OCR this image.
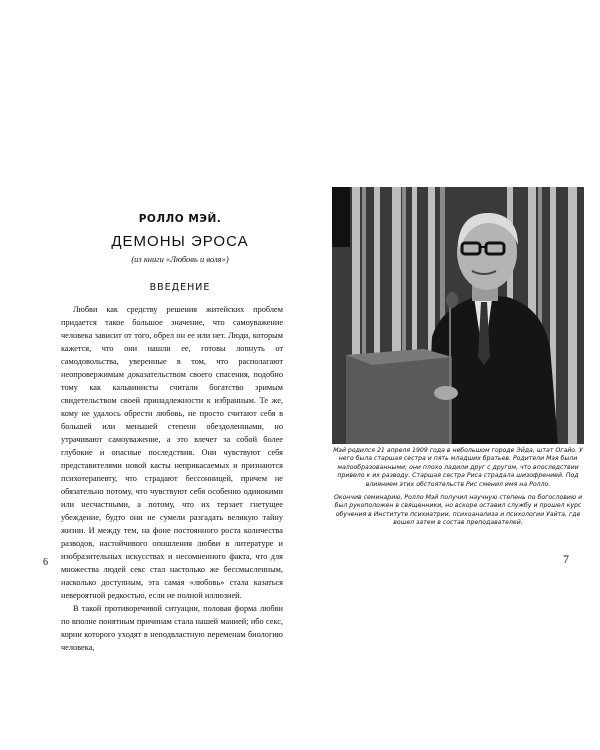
РОЛЛО МЭЙ.
ДЕМОНЫ ЭРОСА
(из книги «Любовь и воля»)
ВВЕДЕНИЕ

Любви как средству решения житейских проблем придается такое большое значение, что самоуважение человека зависит от того, обрел он ее или нет. Люди, которым кажется, что они нашли ее, готовы лопнуть от самодовольства, уверенные в том, что располагают неопровержимым доказательством своего спасения, подобно тому как кальвинисты считали богатство зримым свидетельством своей принадлежности к избранным. Те же, кому не удалось обрести любовь, не просто считают себя в большей или меньшей степени обездоленными, но утрачивают самоуважение, а это влечет за собой более глубокие и опасные последствия. Они чувствуют себя представителями новой касты неприкасаемых и признаются психотерапевту, что страдают бессонницей, причем не обязательно потому, что чувствуют себя особенно одинокими или несчастными, а потому, что их терзает гнетущее убеждение, будто они не сумели разгадать великую тайну жизни. И между тем, на фоне постоянного роста количества разводов, настойчивого опошления любви в литературе и изобразительных искусствах и несомненного факта, что для множества людей секс стал настолько же бессмысленным, насколько доступным, эта самая «любовь» стала казаться невероятной редкостью, если не полной иллюзией.

В такой противоречивой ситуации, половая форма любви по вполне понятным причинам стала нашей манией; ибо секс, корни которого уходят в неподвластную переменам биологию человека,

6

Мэй родился 21 апреля 1909 года в небольшом городе Эйда, штат Огайо. У него была старшая сестра и пять младших братьев. Родители Мэя были малообразованными; они плохо ладили друг с другом, что впоследствии привело к их разводу. Старшая сестра Риса страдала шизофренией. Под влиянием этих обстоятельств Рис сменил имя на Ролло.

Окончив семинарию, Ролло Мэй получил научную степень по богословию и был рукоположен в священники, но вскоре оставил службу и прошел курс обучения в Институте психиатрии, психоанализа и психологии Уайта, где вошел затем в состав преподавателей.

7
